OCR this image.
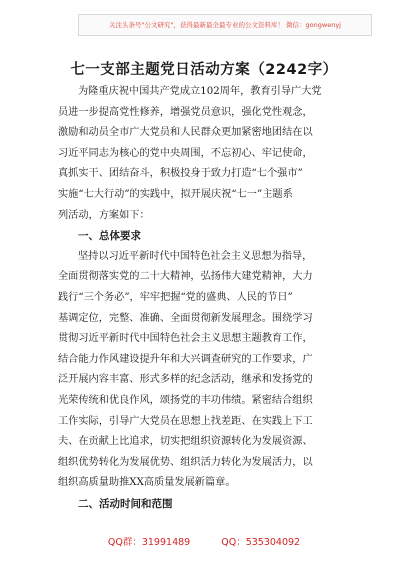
关注头条号"公文研究"，获得最新最全最专业的公文资料库！ 微信：gongwenyj
七一支部主题党日活动方案（2242字）
为隆重庆祝中国共产党成立102周年，教育引导广大党
员进一步提高党性修养，增强党员意识，强化党性观念，
激励和动员全市广大党员和人民群众更加紧密地团结在以
习近平同志为核心的党中央周围，不忘初心、牢记使命，
真抓实干、团结奋斗，积极投身于致力打造“七个强市”
实施“七大行动”的实践中，拟开展庆祝“七一”主题系
列活动，方案如下：
一、总体要求
坚持以习近平新时代中国特色社会主义思想为指导，
全面贯彻落实党的二十大精神，弘扬伟大建党精神，大力
践行“三个务必”，牢牢把握“党的盛典、人民的节日”
基调定位，完整、准确、全面贯彻新发展理念。围绕学习
贯彻习近平新时代中国特色社会主义思想主题教育工作，
结合能力作风建设提升年和大兴调查研究的工作要求，广
泛开展内容丰富、形式多样的纪念活动，继承和发扬党的
光荣传统和优良作风，颂扬党的丰功伟绩。紧密结合组织
工作实际，引导广大党员在思想上找差距、在实践上下工
夫、在贡献上比追求，切实把组织资源转化为发展资源、
组织优势转化为发展优势、组织活力转化为发展活力，以
组织高质量助推XX高质量发展新篇章。
二、活动时间和范围
QQ群：31991489	QQ：535304092
